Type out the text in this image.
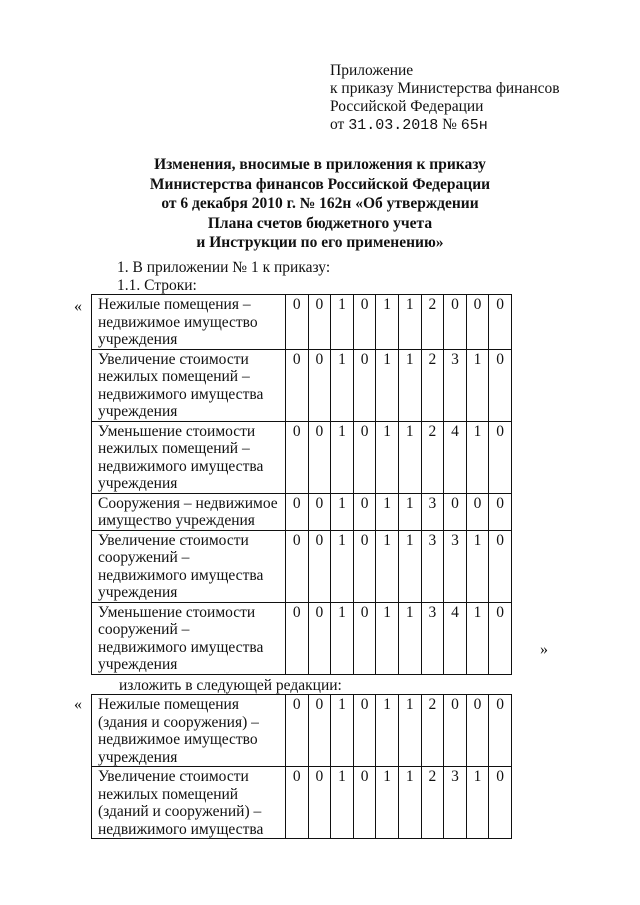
Приложение
к приказу Министерства финансов
Российской Федерации
от 31.03.2018 № 65н
Изменения, вносимые в приложения к приказу
Министерства финансов Российской Федерации
от 6 декабря 2010 г. № 162н «Об утверждении
Плана счетов бюджетного учета
и Инструкции по его применению»
1. В приложении № 1 к приказу:
1.1. Строки:
« Нежилые помещения –
недвижимое имущество
учреждения	0	0	1	0	1	1	2	0	0	0

Увеличение стоимости
нежилых помещений –
недвижимого имущества
учреждения	0	0	1	0	1	1	2	3	1	0

Уменьшение стоимости
нежилых помещений –
недвижимого имущества
учреждения	0	0	1	0	1	1	2	4	1	0

Сооружения – недвижимое
имущество учреждения	0	0	1	0	1	1	3	0	0	0

Увеличение стоимости
сооружений –
недвижимого имущества
учреждения	0	0	1	0	1	1	3	3	1	0

Уменьшение стоимости
сооружений –
недвижимого имущества
учреждения	0	0	1	0	1	1	3	4	1	0
»
изложить в следующей редакции:
« Нежилые помещения
(здания и сооружения) –
недвижимое имущество
учреждения	0	0	1	0	1	1	2	0	0	0

Увеличение стоимости
нежилых помещений
(зданий и сооружений) –
недвижимого имущества	0	0	1	0	1	1	2	3	1	0
